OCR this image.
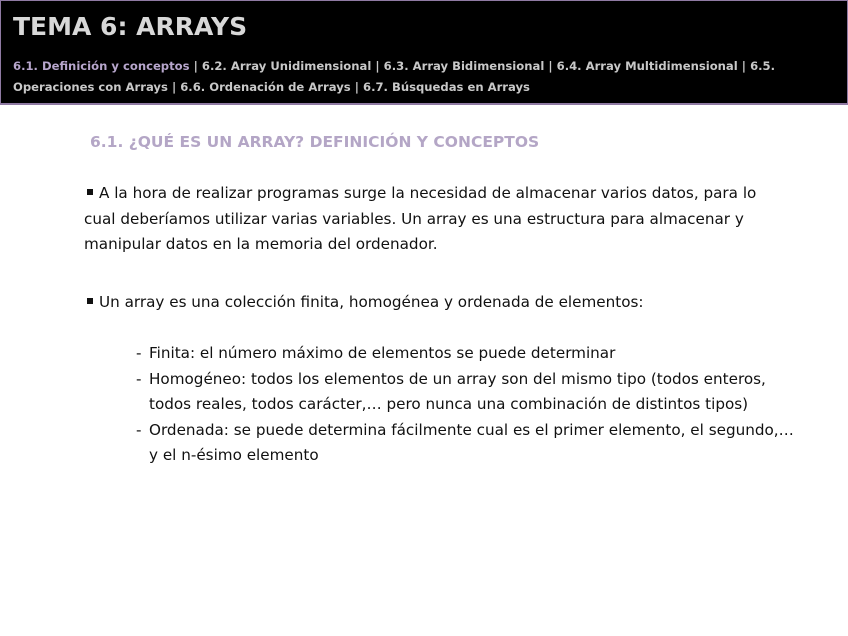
TEMA 6: ARRAYS
6.1. Definición y conceptos | 6.2. Array Unidimensional | 6.3. Array Bidimensional | 6.4. Array Multidimensional | 6.5. Operaciones con Arrays | 6.6. Ordenación de Arrays | 6.7. Búsquedas en Arrays
6.1. ¿QUÉ ES UN ARRAY? DEFINICIÓN Y CONCEPTOS
A la hora de realizar programas surge la necesidad de almacenar varios datos, para lo cual deberíamos utilizar varias variables. Un array es una estructura para almacenar y manipular datos en la memoria del ordenador.
Un array es una colección finita, homogénea y ordenada de elementos:
- Finita: el número máximo de elementos se puede determinar
- Homogéneo: todos los elementos de un array son del mismo tipo (todos enteros, todos reales, todos carácter,… pero nunca una combinación de distintos tipos)
- Ordenada: se puede determina fácilmente cual es el primer elemento, el segundo,… y el n-ésimo elemento
